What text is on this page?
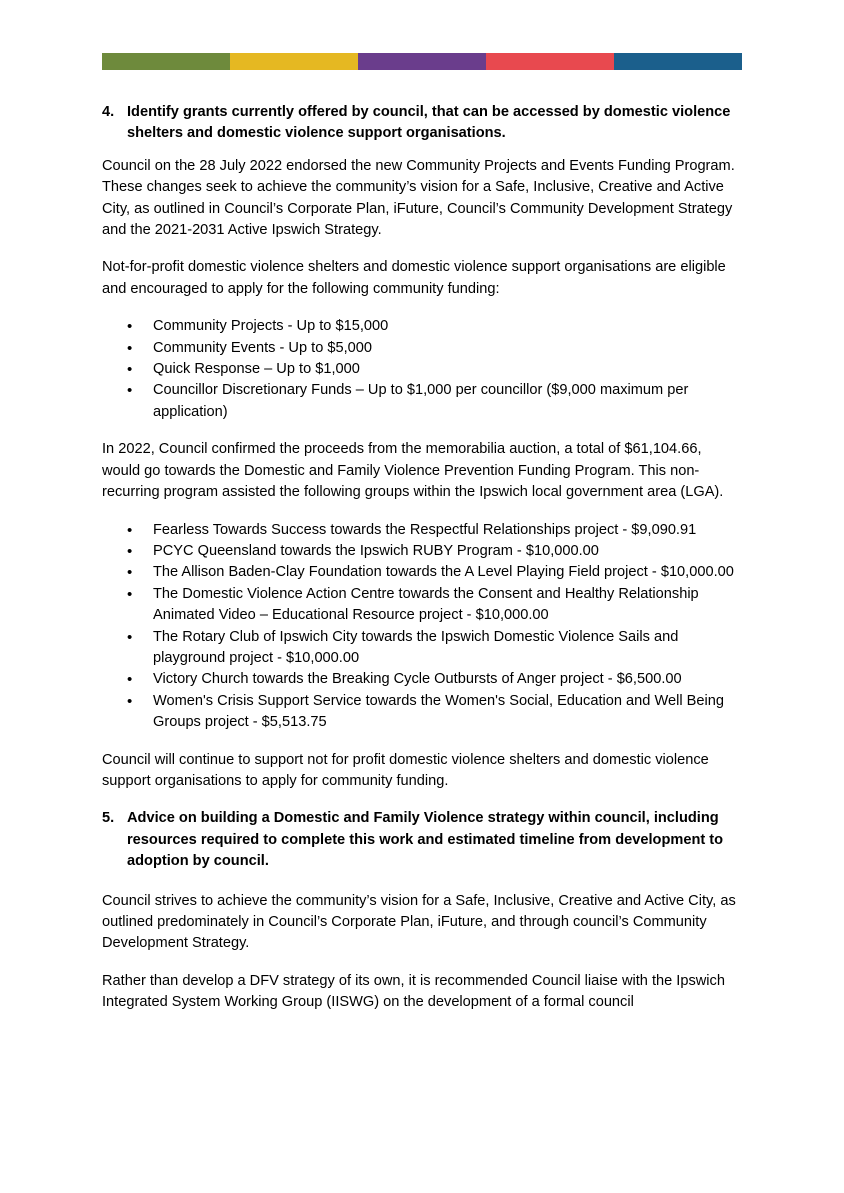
4. Identify grants currently offered by council, that can be accessed by domestic violence shelters and domestic violence support organisations.

Council on the 28 July 2022 endorsed the new Community Projects and Events Funding Program. These changes seek to achieve the community’s vision for a Safe, Inclusive, Creative and Active City, as outlined in Council’s Corporate Plan, iFuture, Council’s Community Development Strategy and the 2021-2031 Active Ipswich Strategy.

Not-for-profit domestic violence shelters and domestic violence support organisations are eligible and encouraged to apply for the following community funding:

• Community Projects - Up to $15,000
• Community Events - Up to $5,000
• Quick Response – Up to $1,000
• Councillor Discretionary Funds – Up to $1,000 per councillor ($9,000 maximum per application)

In 2022, Council confirmed the proceeds from the memorabilia auction, a total of $61,104.66, would go towards the Domestic and Family Violence Prevention Funding Program. This non-recurring program assisted the following groups within the Ipswich local government area (LGA).

• Fearless Towards Success towards the Respectful Relationships project - $9,090.91
• PCYC Queensland towards the Ipswich RUBY Program - $10,000.00
• The Allison Baden-Clay Foundation towards the A Level Playing Field project - $10,000.00
• The Domestic Violence Action Centre towards the Consent and Healthy Relationship Animated Video – Educational Resource project - $10,000.00
• The Rotary Club of Ipswich City towards the Ipswich Domestic Violence Sails and playground project - $10,000.00
• Victory Church towards the Breaking Cycle Outbursts of Anger project - $6,500.00
• Women's Crisis Support Service towards the Women's Social, Education and Well Being Groups project - $5,513.75

Council will continue to support not for profit domestic violence shelters and domestic violence support organisations to apply for community funding.

5. Advice on building a Domestic and Family Violence strategy within council, including resources required to complete this work and estimated timeline from development to adoption by council.

Council strives to achieve the community’s vision for a Safe, Inclusive, Creative and Active City, as outlined predominately in Council’s Corporate Plan, iFuture, and through council’s Community Development Strategy.

Rather than develop a DFV strategy of its own, it is recommended Council liaise with the Ipswich Integrated System Working Group (IISWG) on the development of a formal council
